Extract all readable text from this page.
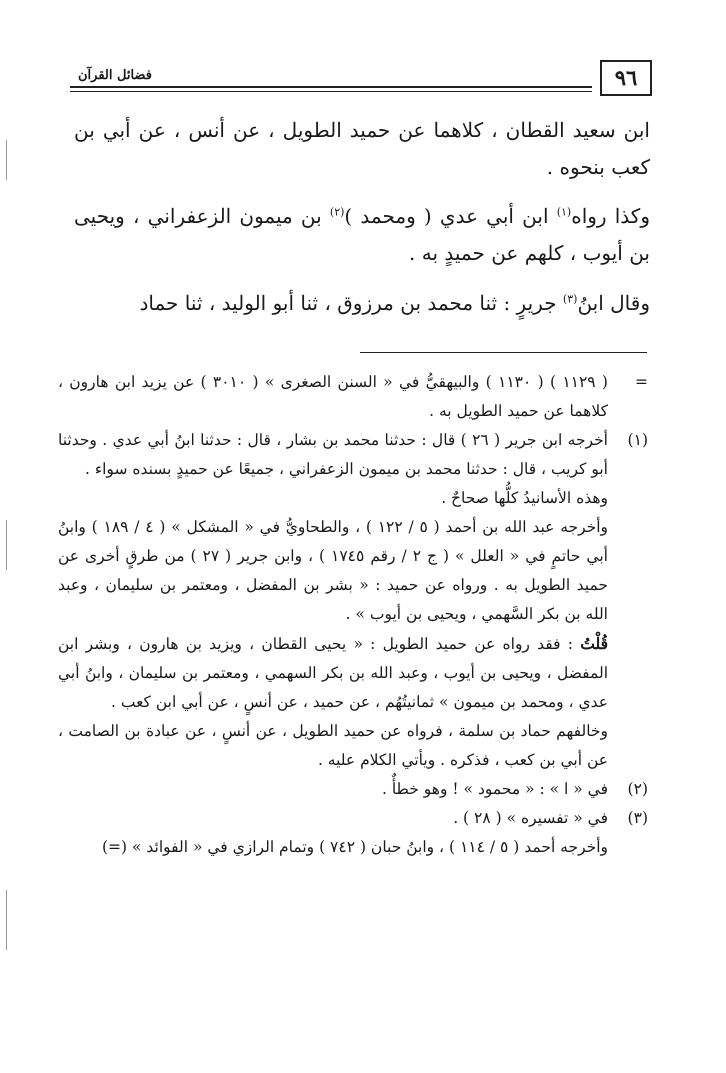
٩٦
فضائل القرآن
ابن سعيد القطان ، كلاهما عن حميد الطويل ، عن أنس ، عن أبي بن كعب بنحوه .
وكذا رواه$^{(١)}$ ابن أبي عدي ( ومحمد )$^{(٢)}$ بن ميمون الزعفراني ، ويحيى بن أيوب ، كلهم عن حميدٍ به .
وقال ابنُ$^{(٣)}$ جريرٍ : ثنا محمد بن مرزوق ، ثنا أبو الوليد ، ثنا حماد
=
( ١١٢٩ ) ( ١١٣٠ ) والبيهقيُّ في « السنن الصغرى » ( ٣٠١٠ ) عن يزيد ابن هارون ، كلاهما عن حميد الطويل به .
(١)
أخرجه ابن جرير ( ٢٦ ) قال : حدثنا محمد بن بشار ، قال : حدثنا ابنُ أبي عدي . وحدثنا أبو كريب ، قال : حدثنا محمد بن ميمون الزعفراني ، جميعًا عن حميدٍ بسنده سواء .
وهذه الأسانيدُ كلُّها صحاحٌ .
وأخرجه عبد الله بن أحمد ( ٥ / ١٢٢ ) ، والطحاويُّ في « المشكل » ( ٤ / ١٨٩ ) وابنُ أبي حاتمٍ في « العلل » ( ج ٢ / رقم ١٧٤٥ ) ، وابن جرير ( ٢٧ ) من طرقٍ أخرى عن حميد الطويل به . ورواه عن حميد : « بشر بن المفضل ، ومعتمر بن سليمان ، وعبد الله بن بكر السَّهمي ، ويحيى بن أيوب » .
قُلْتُ : فقد رواه عن حميد الطويل : « يحيى القطان ، ويزيد بن هارون ، وبشر ابن المفضل ، ويحيى بن أيوب ، وعبد الله بن بكر السهمي ، ومعتمر بن سليمان ، وابنُ أبي عدي ، ومحمد بن ميمون » ثمانيتُهُم ، عن حميد ، عن أنسٍ ، عن أبي ابن كعب .
وخالفهم حماد بن سلمة ، فرواه عن حميد الطويل ، عن أنسٍ ، عن عبادة بن الصامت ، عن أبي بن كعب ، فذكره . ويأتي الكلام عليه .
(٢)
في « ا » : « محمود » ! وهو خطأٌ .
(٣)
في « تفسيره » ( ٢٨ ) .
وأخرجه أحمد ( ٥ / ١١٤ ) ، وابنُ حبان ( ٧٤٢ ) وتمام الرازي في « الفوائد » (=)
